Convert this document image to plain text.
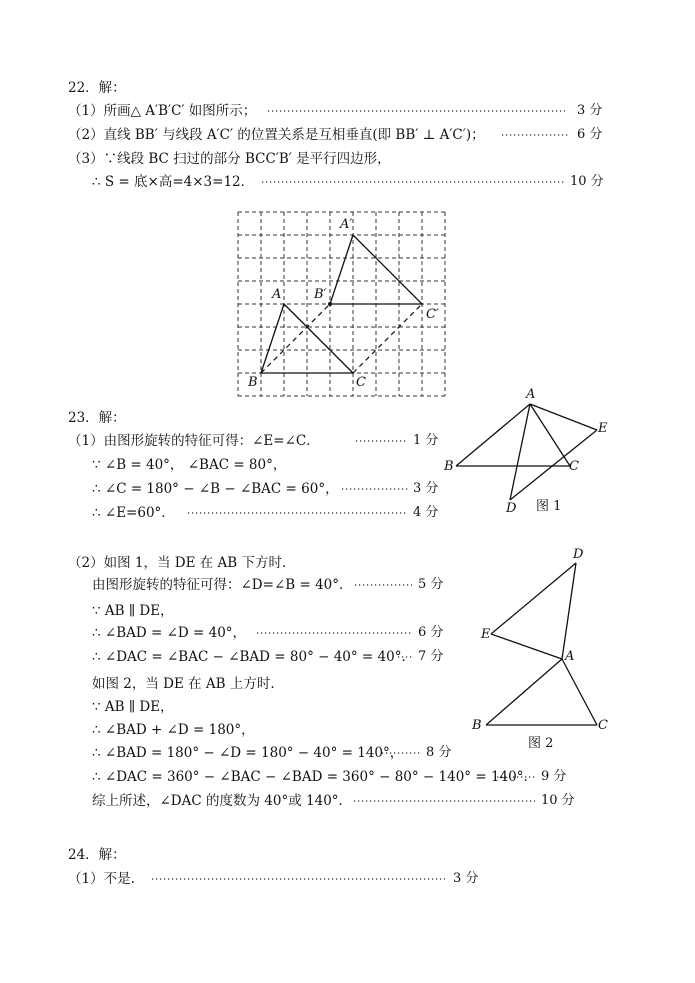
22．解：
（1）所画△ A′B′C′ 如图所示；	3 分
（2）直线 BB′ 与线段 A′C′ 的位置关系是互相垂直(即 BB′ ⊥ A′C′)；	6 分
（3）∵线段 BC 扫过的部分 BCC′B′ 是平行四边形，
∴ S = 底×高=4×3=12．	10 分
A
B	C
A′
B′
C′
23．解：
（1）由图形旋转的特征可得：∠E=∠C．	1 分
∵ ∠B = 40°， ∠BAC = 80°，
∴ ∠C = 180° − ∠B − ∠BAC = 60°，	3 分
∴ ∠E=60°．	4 分
A
B	C
D
E
图 1
（2）如图 1，当 DE 在 AB 下方时.
由图形旋转的特征可得：∠D=∠B = 40°．	5 分
∵ AB ∥ DE，
∴ ∠BAD = ∠D = 40°，	6 分
∴ ∠DAC = ∠BAC − ∠BAD = 80° − 40° = 40°． 7 分
如图 2，当 DE 在 AB 上方时.
∵ AB ∥ DE，
∴ ∠BAD + ∠D = 180°，
∴ ∠BAD = 180° − ∠D = 180° − 40° = 140°， 8 分
∴ ∠DAC = 360° − ∠BAC − ∠BAD = 360° − 80° − 140° = 140°． 9 分
综上所述，∠DAC 的度数为 40°或 140°．	10 分
D
E
A
B	C
图 2
24．解：
（1）不是.	3 分
